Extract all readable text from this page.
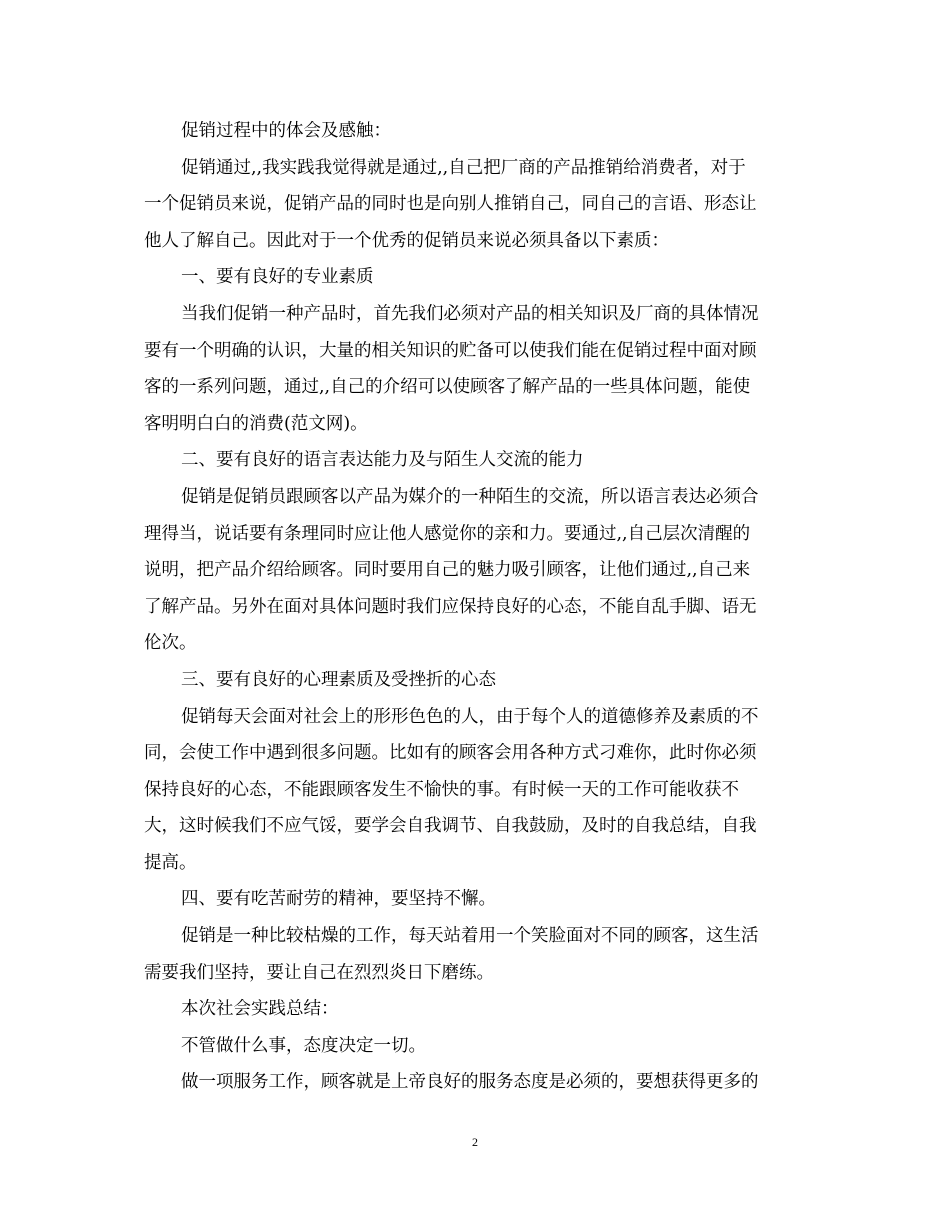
促销过程中的体会及感触：
促销通过,,我实践我觉得就是通过,,自己把厂商的产品推销给消费者，对于
一个促销员来说，促销产品的同时也是向别人推销自己，同自己的言语、形态让
他人了解自己。因此对于一个优秀的促销员来说必须具备以下素质：
一、要有良好的专业素质
当我们促销一种产品时，首先我们必须对产品的相关知识及厂商的具体情况
要有一个明确的认识，大量的相关知识的贮备可以使我们能在促销过程中面对顾
客的一系列问题，通过,,自己的介绍可以使顾客了解产品的一些具体问题，能使
客明明白白的消费(范文网)。
二、要有良好的语言表达能力及与陌生人交流的能力
促销是促销员跟顾客以产品为媒介的一种陌生的交流，所以语言表达必须合
理得当，说话要有条理同时应让他人感觉你的亲和力。要通过,,自己层次清醒的
说明，把产品介绍给顾客。同时要用自己的魅力吸引顾客，让他们通过,,自己来
了解产品。另外在面对具体问题时我们应保持良好的心态，不能自乱手脚、语无
伦次。
三、要有良好的心理素质及受挫折的心态
促销每天会面对社会上的形形色色的人，由于每个人的道德修养及素质的不
同，会使工作中遇到很多问题。比如有的顾客会用各种方式刁难你，此时你必须
保持良好的心态，不能跟顾客发生不愉快的事。有时候一天的工作可能收获不
大，这时候我们不应气馁，要学会自我调节、自我鼓励，及时的自我总结，自我
提高。
四、要有吃苦耐劳的精神，要坚持不懈。
促销是一种比较枯燥的工作，每天站着用一个笑脸面对不同的顾客，这生活
需要我们坚持，要让自己在烈烈炎日下磨练。
本次社会实践总结：
不管做什么事，态度决定一切。
做一项服务工作，顾客就是上帝良好的服务态度是必须的，要想获得更多的
2
